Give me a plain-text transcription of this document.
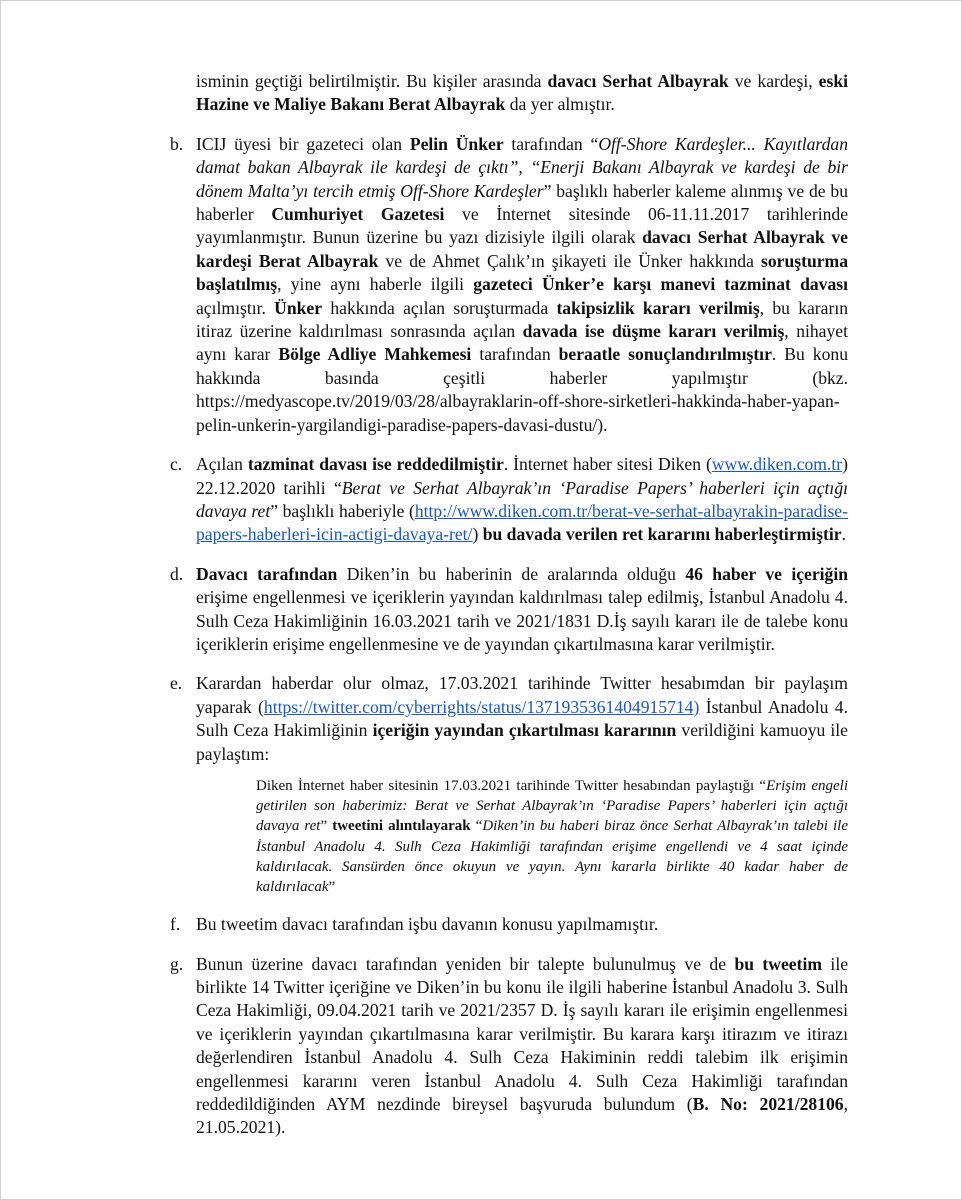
isminin geçtiği belirtilmiştir. Bu kişiler arasında davacı Serhat Albayrak ve kardeşi, eski Hazine ve Maliye Bakanı Berat Albayrak da yer almıştır.
b. ICIJ üyesi bir gazeteci olan Pelin Ünker tarafından “Off-Shore Kardeşler... Kayıtlardan damat bakan Albayrak ile kardeşi de çıktı”, “Enerji Bakanı Albayrak ve kardeşi de bir dönem Malta’yı tercih etmiş Off-Shore Kardeşler” başlıklı haberler kaleme alınmış ve de bu haberler Cumhuriyet Gazetesi ve İnternet sitesinde 06-11.11.2017 tarihlerinde yayımlanmıştır. Bunun üzerine bu yazı dizisiyle ilgili olarak davacı Serhat Albayrak ve kardeşi Berat Albayrak ve de Ahmet Çalık’ın şikayeti ile Ünker hakkında soruşturma başlatılmış, yine aynı haberle ilgili gazeteci Ünker’e karşı manevi tazminat davası açılmıştır. Ünker hakkında açılan soruşturmada takipsizlik kararı verilmiş, bu kararın itiraz üzerine kaldırılması sonrasında açılan davada ise düşme kararı verilmiş, nihayet aynı karar Bölge Adliye Mahkemesi tarafından beraatle sonuçlandırılmıştır. Bu konu hakkında basında çeşitli haberler yapılmıştır (bkz. https://medyascope.tv/2019/03/28/albayraklarin-off-shore-sirketleri-hakkinda-haber-yapan-pelin-unkerin-yargilandigi-paradise-papers-davasi-dustu/).
c. Açılan tazminat davası ise reddedilmiştir. İnternet haber sitesi Diken (www.diken.com.tr) 22.12.2020 tarihli “Berat ve Serhat Albayrak’ın ‘Paradise Papers’ haberleri için açtığı davaya ret” başlıklı haberiyle (http://www.diken.com.tr/berat-ve-serhat-albayrakin-paradise-papers-haberleri-icin-actigi-davaya-ret/) bu davada verilen ret kararını haberleştirmiştir.
d. Davacı tarafından Diken’in bu haberinin de aralarında olduğu 46 haber ve içeriğin erişime engellenmesi ve içeriklerin yayından kaldırılması talep edilmiş, İstanbul Anadolu 4. Sulh Ceza Hakimliğinin 16.03.2021 tarih ve 2021/1831 D.İş sayılı kararı ile de talebe konu içeriklerin erişime engellenmesine ve de yayından çıkartılmasına karar verilmiştir.
e. Karardan haberdar olur olmaz, 17.03.2021 tarihinde Twitter hesabımdan bir paylaşım yaparak (https://twitter.com/cyberrights/status/1371935361404915714) İstanbul Anadolu 4. Sulh Ceza Hakimliğinin içeriğin yayından çıkartılması kararının verildiğini kamuoyu ile paylaştım:
Diken İnternet haber sitesinin 17.03.2021 tarihinde Twitter hesabından paylaştığı “Erişim engeli getirilen son haberimiz: Berat ve Serhat Albayrak’ın ‘Paradise Papers’ haberleri için açtığı davaya ret” tweetini alıntılayarak “Diken’in bu haberi biraz önce Serhat Albayrak’ın talebi ile İstanbul Anadolu 4. Sulh Ceza Hakimliği tarafından erişime engellendi ve 4 saat içinde kaldırılacak. Sansürden önce okuyun ve yayın. Aynı kararla birlikte 40 kadar haber de kaldırılacak”
f. Bu tweetim davacı tarafından işbu davanın konusu yapılmamıştır.
g. Bunun üzerine davacı tarafından yeniden bir talepte bulunulmuş ve de bu tweetim ile birlikte 14 Twitter içeriğine ve Diken’in bu konu ile ilgili haberine İstanbul Anadolu 3. Sulh Ceza Hakimliği, 09.04.2021 tarih ve 2021/2357 D. İş sayılı kararı ile erişimin engellenmesi ve içeriklerin yayından çıkartılmasına karar verilmiştir. Bu karara karşı itirazım ve itirazı değerlendiren İstanbul Anadolu 4. Sulh Ceza Hakiminin reddi talebim ilk erişimin engellenmesi kararını veren İstanbul Anadolu 4. Sulh Ceza Hakimliği tarafından reddedildiğinden AYM nezdinde bireysel başvuruda bulundum (B. No: 2021/28106, 21.05.2021).
